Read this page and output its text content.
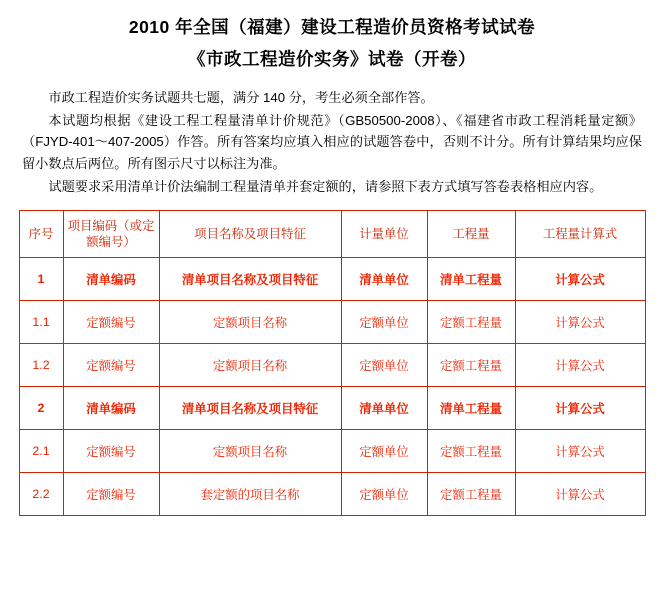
2010 年全国（福建）建设工程造价员资格考试试卷
《市政工程造价实务》试卷（开卷）

市政工程造价实务试题共七题，满分 140 分，考生必须全部作答。

本试题均根据《建设工程工程量清单计价规范》（GB50500-2008）、《福建省市政工程消耗量定额》（FJYD-401～407-2005）作答。所有答案均应填入相应的试题答卷中，否则不计分。所有计算结果均应保留小数点后两位。所有图示尺寸以标注为准。

试题要求采用清单计价法编制工程量清单并套定额的，请参照下表方式填写答卷表格相应内容。

序号	项目编码（或定额编号）	项目名称及项目特征	计量单位	工程量	工程量计算式
1	清单编码	清单项目名称及项目特征	清单单位	清单工程量	计算公式
1.1	定额编号	定额项目名称	定额单位	定额工程量	计算公式
1.2	定额编号	定额项目名称	定额单位	定额工程量	计算公式
2	清单编码	清单项目名称及项目特征	清单单位	清单工程量	计算公式
2.1	定额编号	定额项目名称	定额单位	定额工程量	计算公式
2.2	定额编号	套定额的项目名称	定额单位	定额工程量	计算公式
